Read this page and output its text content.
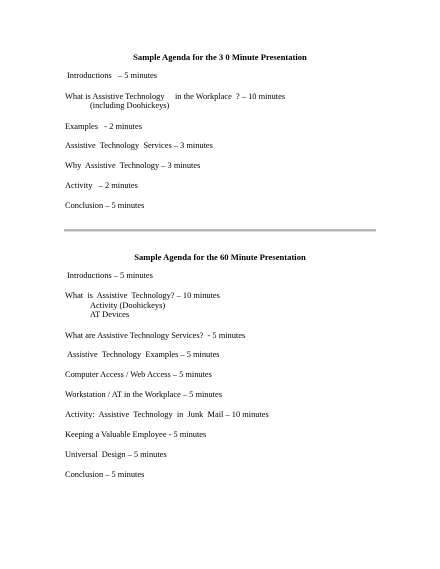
Sample Agenda for the 3 0 Minute Presentation
Introductions   – 5 minutes
What is Assistive Technology     in the Workplace  ? – 10 minutes
(including Doohickeys)
Examples   - 2 minutes
Assistive  Technology  Services – 3 minutes
Why  Assistive  Technology – 3 minutes
Activity   – 2 minutes
Conclusion – 5 minutes
Sample Agenda for the 60 Minute Presentation
Introductions – 5 minutes
What  is  Assistive  Technology? – 10 minutes
Activity (Doohickeys)
AT Devices
What are Assistive Technology Services?  - 5 minutes
Assistive  Technology  Examples – 5 minutes
Computer Access / Web Access – 5 minutes
Workstation / AT in the Workplace – 5 minutes
Activity:  Assistive  Technology  in  Junk  Mail – 10 minutes
Keeping a Valuable Employee - 5 minutes
Universal  Design – 5 minutes
Conclusion – 5 minutes
